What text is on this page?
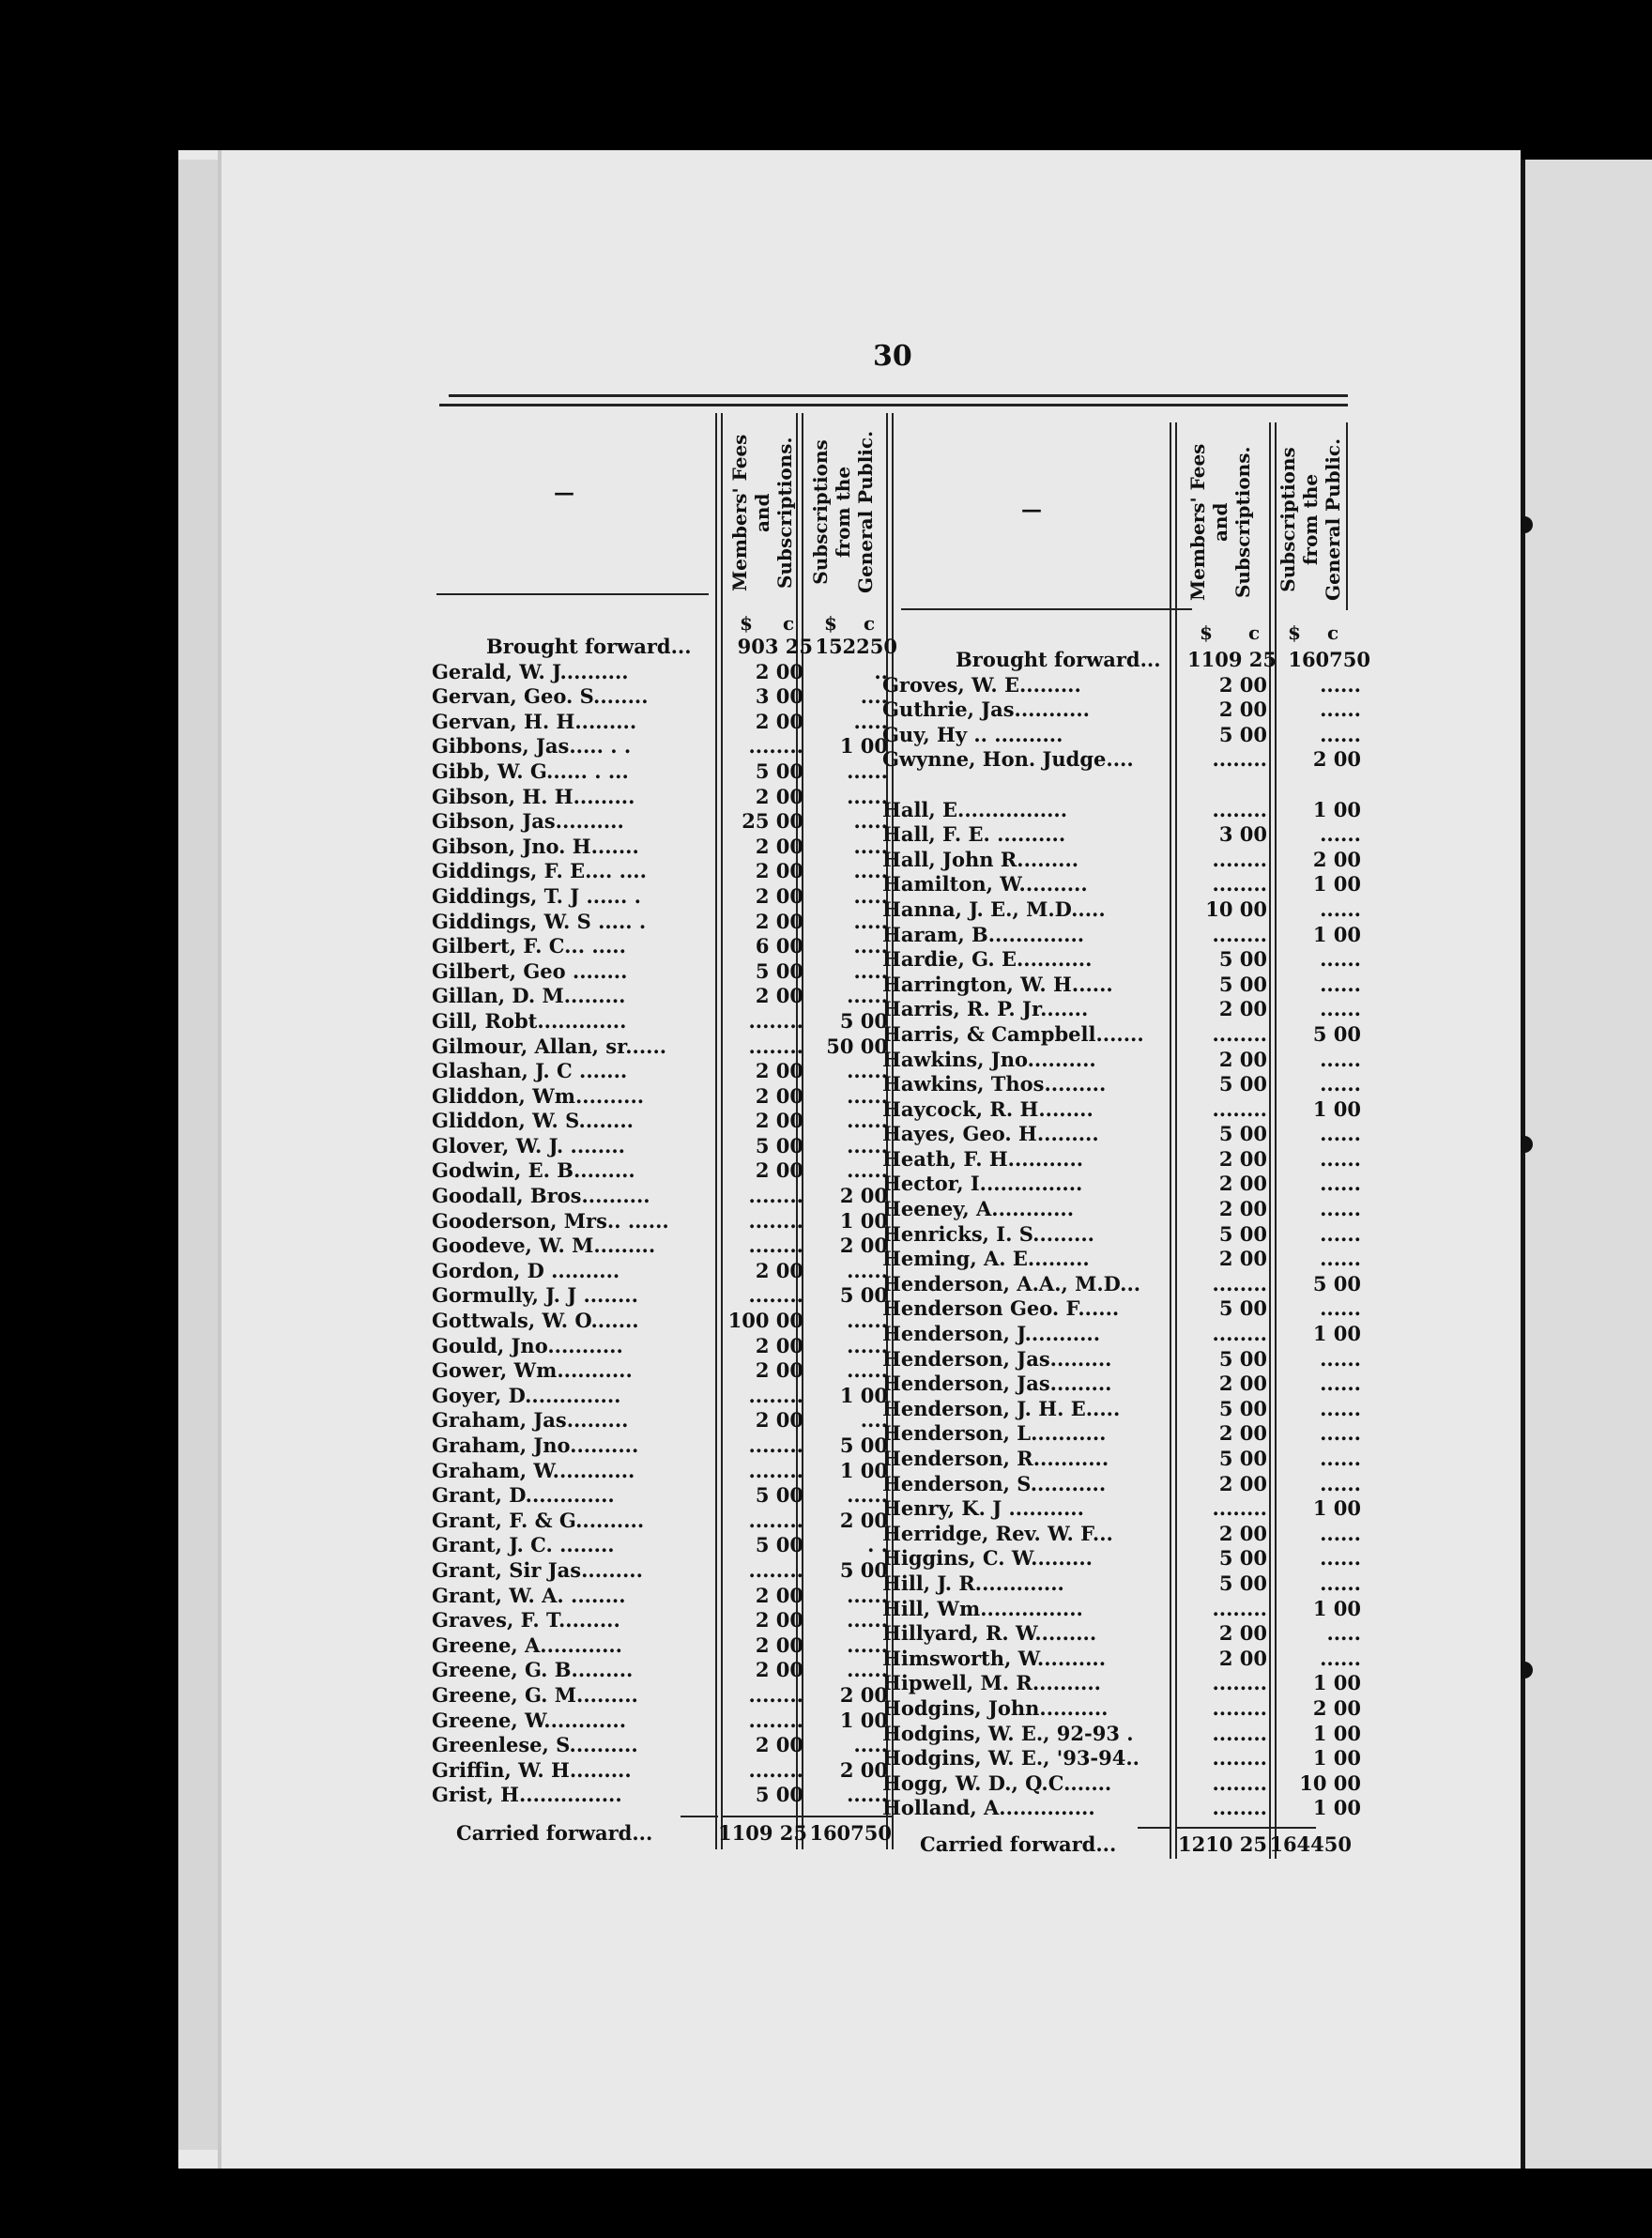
30
—	Members' Fees and Subscriptions. Subscriptions from the General Public.
$ c $ c
Brought forward...	903 25 152250
Gerald, W. J..........	2 00	..
Gervan, Geo. S........	3 00	....
Gervan, H. H.........	2 00	.....
Gibbons, Jas..... . .	........	1 00
Gibb, W. G...... . ...	5 00	......
Gibson, H. H.........	2 00	......
Gibson, Jas..........	25 00	.....
Gibson, Jno. H.......	2 00	.....
Giddings, F. E.... ....	2 00	.....
Giddings, T. J ...... .	2 00	.....
Giddings, W. S ..... .	2 00	.....
Gilbert, F. C... .....	6 00	.....
Gilbert, Geo ........	5 00	.....
Gillan, D. M.........	2 00	......
Gill, Robt.............	........	5 00
Gilmour, Allan, sr......	........	50 00
Glashan, J. C .......	2 00	......
Gliddon, Wm..........	2 00	......
Gliddon, W. S........	2 00	......
Glover, W. J. ........	5 00	......
Godwin, E. B.........	2 00	......
Goodall, Bros..........	........	2 00
Gooderson, Mrs.. ......	........	1 00
Goodeve, W. M.........	........	2 00
Gordon, D ..........	2 00	......
Gormully, J. J ........	........	5 00
Gottwals, W. O.......	100 00	......
Gould, Jno...........	2 00	......
Gower, Wm...........	2 00	......
Goyer, D..............	........	1 00
Graham, Jas.........	2 00	....
Graham, Jno..........	........	5 00
Graham, W............	........	1 00
Grant, D.............	5 00	......
Grant, F. & G..........	........	2 00
Grant, J. C. ........	5 00	. .
Grant, Sir Jas.........	........	5 00
Grant, W. A. ........	2 00	......
Graves, F. T.........	2 00	......
Greene, A............	2 00	......
Greene, G. B.........	2 00	......
Greene, G. M.........	........	2 00
Greene, W............	........	1 00
Greenlese, S..........	2 00	.....
Griffin, W. H.........	........	2 00
Grist, H...............	5 00	......
Carried forward...	1109 25 160750
—	Members' Fees and Subscriptions. Subscriptions from the General Public.
$ c $ c
Brought forward...	1109 25 160750
Groves, W. E.........	2 00	......
Guthrie, Jas...........	2 00	......
Guy, Hy .. ..........	5 00	......
Gwynne, Hon. Judge....	........	2 00
Hall, E................	........	1 00
Hall, F. E. ..........	3 00	......
Hall, John R.........	........	2 00
Hamilton, W..........	........	1 00
Hanna, J. E., M.D.....	10 00	......
Haram, B..............	........	1 00
Hardie, G. E...........	5 00	......
Harrington, W. H......	5 00	......
Harris, R. P. Jr.......	2 00	......
Harris, & Campbell.......	........	5 00
Hawkins, Jno..........	2 00	......
Hawkins, Thos.........	5 00	......
Haycock, R. H........	........	1 00
Hayes, Geo. H.........	5 00	......
Heath, F. H...........	2 00	......
Hector, I...............	2 00	......
Heeney, A............	2 00	......
Henricks, I. S.........	5 00	......
Heming, A. E.........	2 00	......
Henderson, A.A., M.D...	........	5 00
Henderson Geo. F......	5 00	......
Henderson, J...........	........	1 00
Henderson, Jas.........	5 00	......
Henderson, Jas.........	2 00	......
Henderson, J. H. E.....	5 00	......
Henderson, L...........	2 00	......
Henderson, R...........	5 00	......
Henderson, S...........	2 00	......
Henry, K. J ...........	........	1 00
Herridge, Rev. W. F...	2 00	......
Higgins, C. W.........	5 00	......
Hill, J. R.............	5 00	......
Hill, Wm...............	........	1 00
Hillyard, R. W.........	2 00	.....
Himsworth, W..........	2 00	......
Hipwell, M. R..........	........	1 00
Hodgins, John..........	........	2 00
Hodgins, W. E., 92-93 .	........	1 00
Hodgins, W. E., '93-94..	........	1 00
Hogg, W. D., Q.C.......	........	10 00
Holland, A..............	........	1 00
Carried forward...	1210 25 164450
